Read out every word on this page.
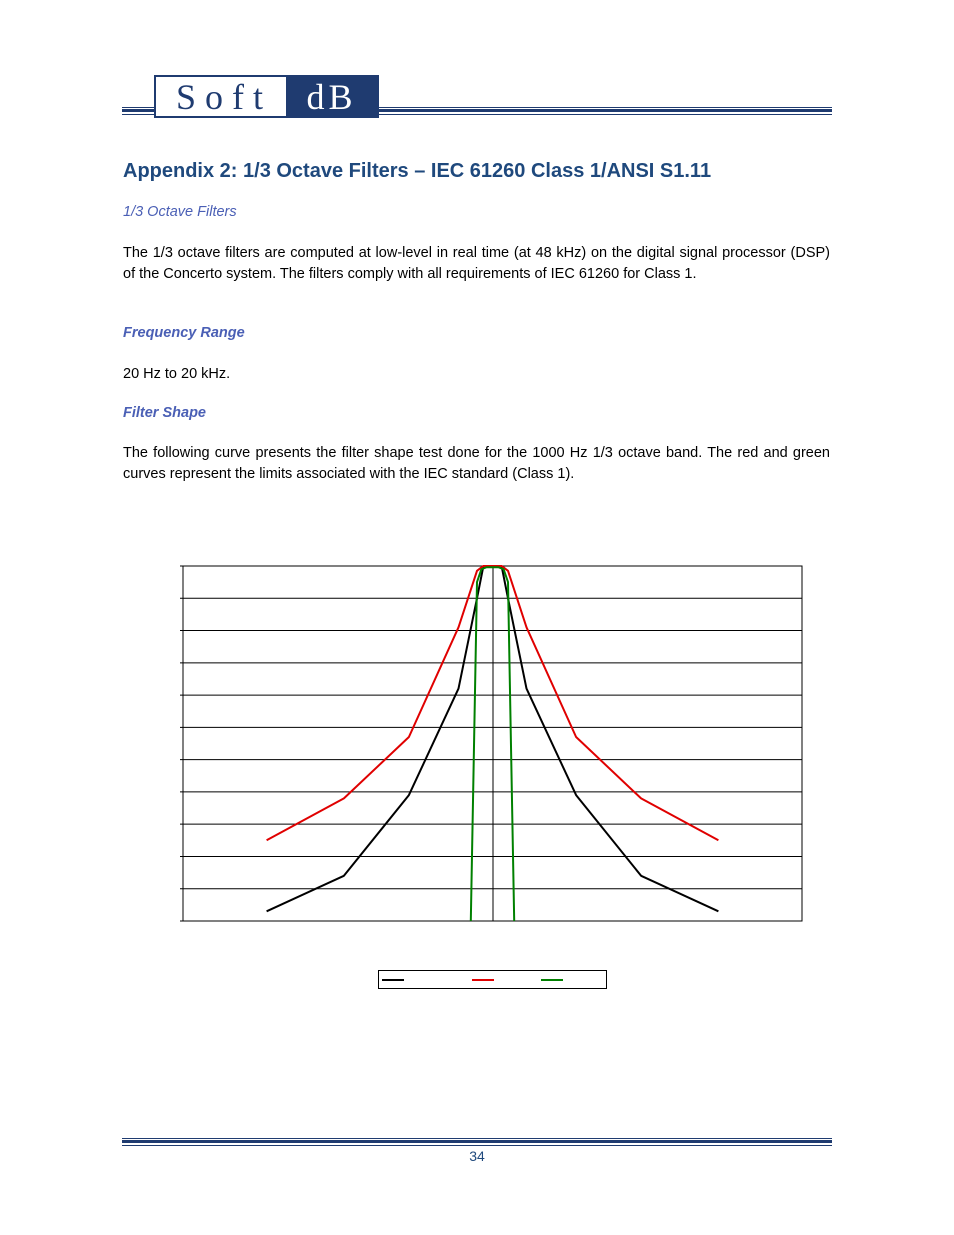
Soft dB
Appendix 2: 1/3 Octave Filters – IEC 61260 Class 1/ANSI S1.11
1/3 Octave Filters
The 1/3 octave filters are computed at low-level in real time (at 48 kHz) on the digital signal processor (DSP) of the Concerto system. The filters comply with all requirements of IEC 61260 for Class 1.
Frequency Range
20 Hz to 20 kHz.
Filter Shape
The following curve presents the filter shape test done for the 1000 Hz 1/3 octave band. The red and green curves represent the limits associated with the IEC standard (Class 1).
34
